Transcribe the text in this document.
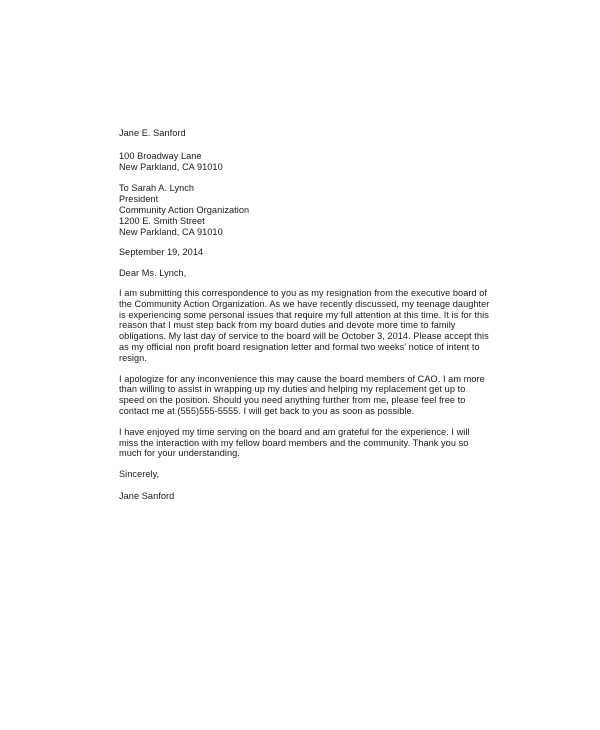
Jane E. Sanford
100 Broadway Lane
New Parkland, CA 91010
To Sarah A. Lynch
President
Community Action Organization
1200 E. Smith Street
New Parkland, CA 91010
September 19, 2014
Dear Ms. Lynch,
I am submitting this correspondence to you as my resignation from the executive board of
the Community Action Organization. As we have recently discussed, my teenage daughter
is experiencing some personal issues that require my full attention at this time. It is for this
reason that I must step back from my board duties and devote more time to family
obligations. My last day of service to the board will be October 3, 2014. Please accept this
as my official non profit board resignation letter and formal two weeks' notice of intent to
resign.
I apologize for any inconvenience this may cause the board members of CAO. I am more
than willing to assist in wrapping up my duties and helping my replacement get up to
speed on the position. Should you need anything further from me, please feel free to
contact me at (555)555-5555. I will get back to you as soon as possible.
I have enjoyed my time serving on the board and am grateful for the experience. I will
miss the interaction with my fellow board members and the community. Thank you so
much for your understanding.
Sincerely,
Jane Sanford
